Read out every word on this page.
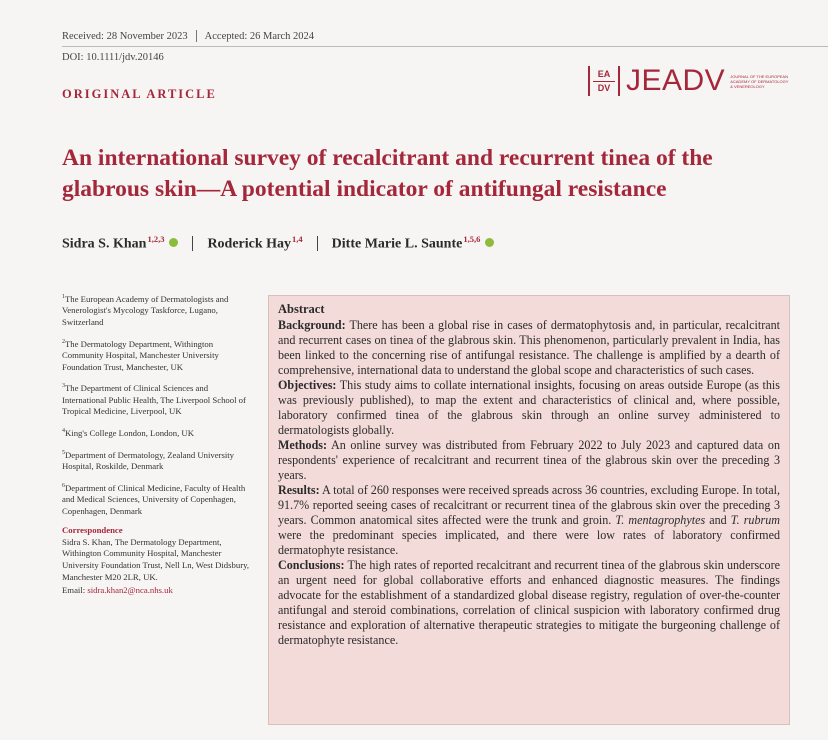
Received: 28 November 2023 Accepted: 26 March 2024
DOI: 10.1111/jdv.20146
ORIGINAL ARTICLE
EA
DV JEADV JOURNAL OF THE EUROPEAN ACADEMY OF DERMATOLOGY & VENEREOLOGY
An international survey of recalcitrant and recurrent tinea of the glabrous skin—A potential indicator of antifungal resistance
Sidra S. Khan$^{1,2,3}$	Roderick Hay$^{1,4}$ Ditte Marie L. Saunte$^{1,5,6}$

$^1$The European Academy of Dermatologists and Venerologist's Mycology Taskforce, Lugano, Switzerland

$^2$The Dermatology Department, Withington Community Hospital, Manchester University Foundation Trust, Manchester, UK

$^3$The Department of Clinical Sciences and International Public Health, The Liverpool School of Tropical Medicine, Liverpool, UK

$^4$King's College London, London, UK

$^5$Department of Dermatology, Zealand University Hospital, Roskilde, Denmark

$^6$Department of Clinical Medicine, Faculty of Health and Medical Sciences, University of Copenhagen, Copenhagen, Denmark

Correspondence

Sidra S. Khan, The Dermatology Department, Withington Community Hospital, Manchester University Foundation Trust, Nell Ln, West Didsbury, Manchester M20 2LR, UK.

Email: sidra.khan2@nca.nhs.uk

Abstract

Background: There has been a global rise in cases of dermatophytosis and, in particular, recalcitrant and recurrent cases on tinea of the glabrous skin. This phenomenon, particularly prevalent in India, has been linked to the concerning rise of antifungal resistance. The challenge is amplified by a dearth of comprehensive, international data to understand the global scope and characteristics of such cases.

Objectives: This study aims to collate international insights, focusing on areas outside Europe (as this was previously published), to map the extent and characteristics of clinical and, where possible, laboratory confirmed tinea of the glabrous skin through an online survey administered to dermatologists globally.

Methods: An online survey was distributed from February 2022 to July 2023 and captured data on respondents' experience of recalcitrant and recurrent tinea of the glabrous skin over the preceding 3 years.

Results: A total of 260 responses were received spreads across 36 countries, excluding Europe. In total, 91.7% reported seeing cases of recalcitrant or recurrent tinea of the glabrous skin over the preceding 3 years. Common anatomical sites affected were the trunk and groin. T. mentagrophytes and T. rubrum were the predominant species implicated, and there were low rates of laboratory confirmed dermatophyte resistance.

Conclusions: The high rates of reported recalcitrant and recurrent tinea of the glabrous skin underscore an urgent need for global collaborative efforts and enhanced diagnostic measures. The findings advocate for the establishment of a standardized global disease registry, regulation of over-the-counter antifungal and steroid combinations, correlation of clinical suspicion with laboratory confirmed drug resistance and exploration of alternative therapeutic strategies to mitigate the burgeoning challenge of dermatophyte resistance.
